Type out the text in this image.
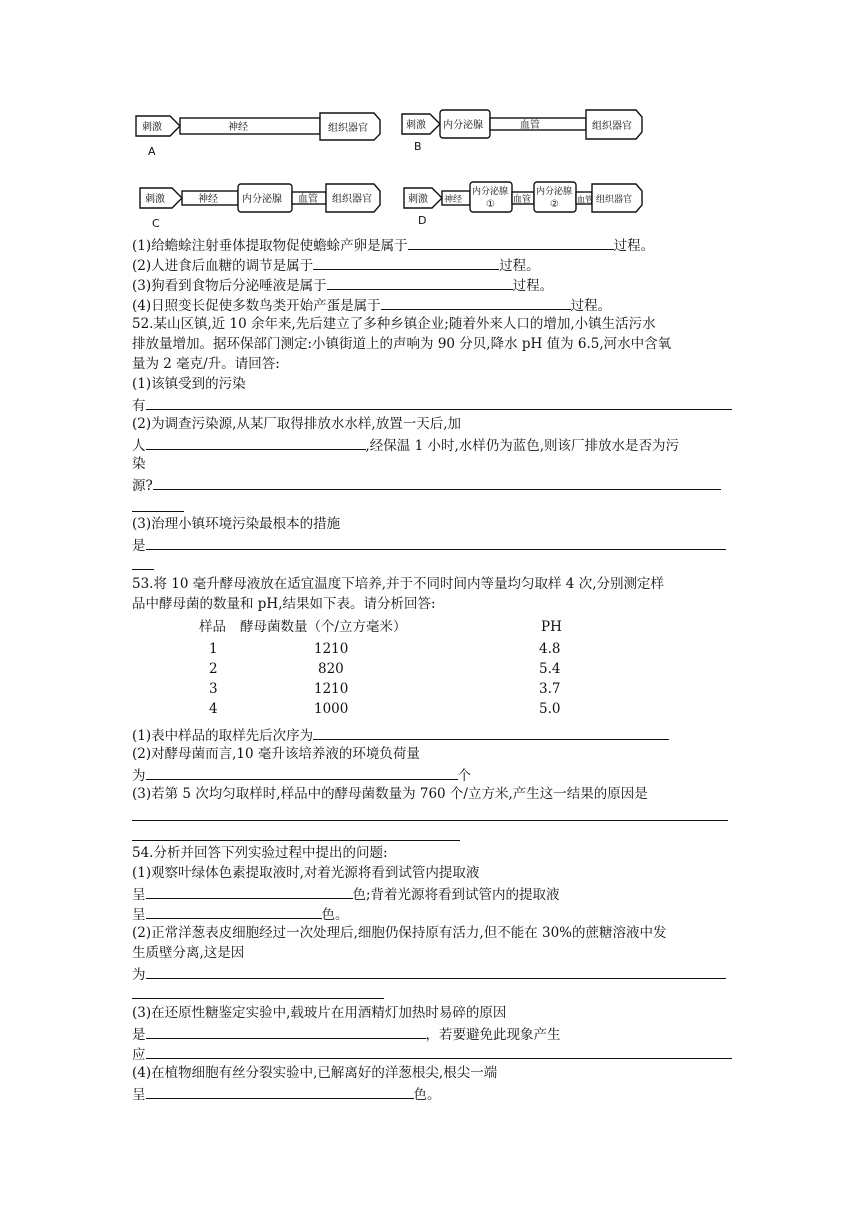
刺激	神经	组织器官
A
刺激 内分泌腺	血管	组织器官
B
刺激	神经 内分泌腺 血管 组织器官
C
刺激 神经
内分泌腺
① 血管
内分泌腺
② 血管 组织器官
D
(1)给蟾蜍注射垂体提取物促使蟾蜍产卵是属于	过程。
(2)人进食后血糖的调节是属于	过程。
(3)狗看到食物后分泌唾液是属于	过程。
(4)日照变长促使多数鸟类开始产蛋是属于	过程。
52.某山区镇,近 10 余年来,先后建立了多种乡镇企业;随着外来人口的增加,小镇生活污水
排放量增加。据环保部门测定:小镇街道上的声响为 90 分贝,降水 pH 值为 6.5,河水中含氧
量为 2 毫克/升。请回答:
(1)该镇受到的污染
有
(2)为调查污染源,从某厂取得排放水水样,放置一天后,加
人	,经保温 1 小时,水样仍为蓝色,则该厂排放水是否为污
染
源?
(3)治理小镇环境污染最根本的措施
是
53.将 10 毫升酵母液放在适宜温度下培养,并于不同时间内等量均匀取样 4 次,分别测定样
品中酵母菌的数量和 pH,结果如下表。请分析回答:
样品 酵母菌数量（个/立方毫米）	PH
1	1210	4.8
2	820	5.4
3	1210	3.7
4	1000	5.0
(1)表中样品的取样先后次序为
(2)对酵母菌而言,10 毫升该培养液的环境负荷量
为	个
(3)若第 5 次均匀取样时,样品中的酵母菌数量为 760 个/立方米,产生这一结果的原因是
54.分析并回答下列实验过程中提出的问题:
(1)观察叶绿体色素提取液时,对着光源将看到试管内提取液
呈	色;背着光源将看到试管内的提取液
呈	色。
(2)正常洋葱表皮细胞经过一次处理后,细胞仍保持原有活力,但不能在 30%的蔗糖溶液中发
生质壁分离,这是因
为
(3)在还原性糖鉴定实验中,载玻片在用酒精灯加热时易碎的原因
是	，若要避免此现象产生
应
(4)在植物细胞有丝分裂实验中,已解离好的洋葱根尖,根尖一端
呈	色。
